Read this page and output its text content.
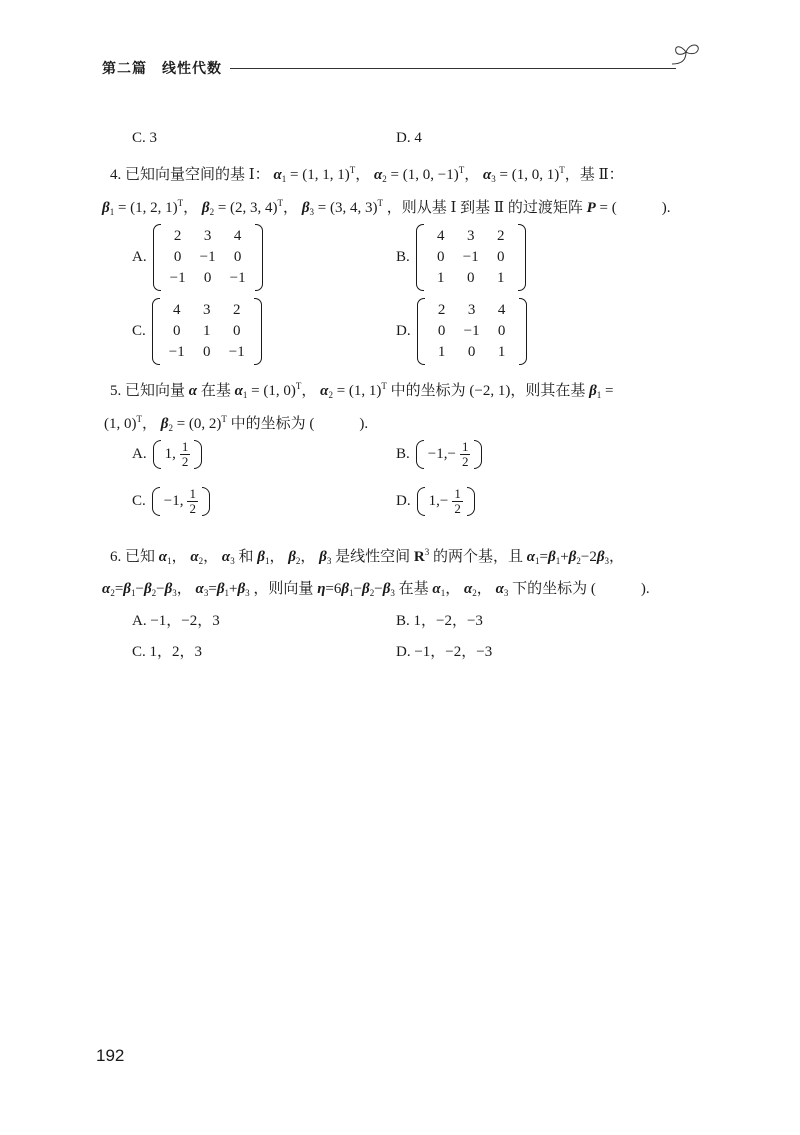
第二篇 线性代数
C. 3	D. 4
4. 已知向量空间的基 Ⅰ： $\alpha_1 = (1$, 1, 1)$^T$， $\alpha_2 = (1$, 0, −1)$^T$， $\alpha_3 = (1$, 0, 1)$^T$，基 Ⅱ：
$\beta_1 = (1$, 2, 1)$^T$， $\beta_2 = (2$, 3, 4)$^T$， $\beta_3 = (3$, 4, 3)$^T$ ，则从基 Ⅰ 到基 Ⅱ 的过渡矩阵 P = (　　　).
A.
2	3	4
0	−1	0
−1	0	−1
B.
4	3	2
0	−1	0
1	0	1
C.
4	3	2
0	1	0
−1	0	−1
D.
2	3	4
0	−1	0
1	0	1
5. 已知向量 α 在基 $\alpha_1 = (1$, 0)$^T$， $\alpha_2 = (1$, 1)$^T$ 中的坐标为 (−2, 1)，则其在基 $\beta_1$ =
(1, 0)$^T$， $\beta_2 = (0$, 2)$^T$ 中的坐标为 (　　　).
A. 1, $\frac{1}{2}$	B. −1, − $\frac{1}{2}$
C. −1, $\frac{1}{2}$	D. 1, − $\frac{1}{2}$
6. 已知 $\alpha_1$， $\alpha_2$， $\alpha_3$ 和 $\beta_1$， $\beta_2$， $\beta_3$ 是线性空间 $R^3$ 的两个基，且 $\alpha_1=\beta_1+\beta_2-2\beta_3$，
$\alpha_2=\beta_1-\beta_2-\beta_3$， $\alpha_3=\beta_1+\beta_3$ ，则向量 $\eta=6\beta_1-\beta_2-\beta_3$ 在基 $\alpha_1$， $\alpha_2$， $\alpha_3$ 下的坐标为 (　　　).
A. −1，−2，3	B. 1，−2，−3
C. 1，2，3	D. −1，−2，−3
192
